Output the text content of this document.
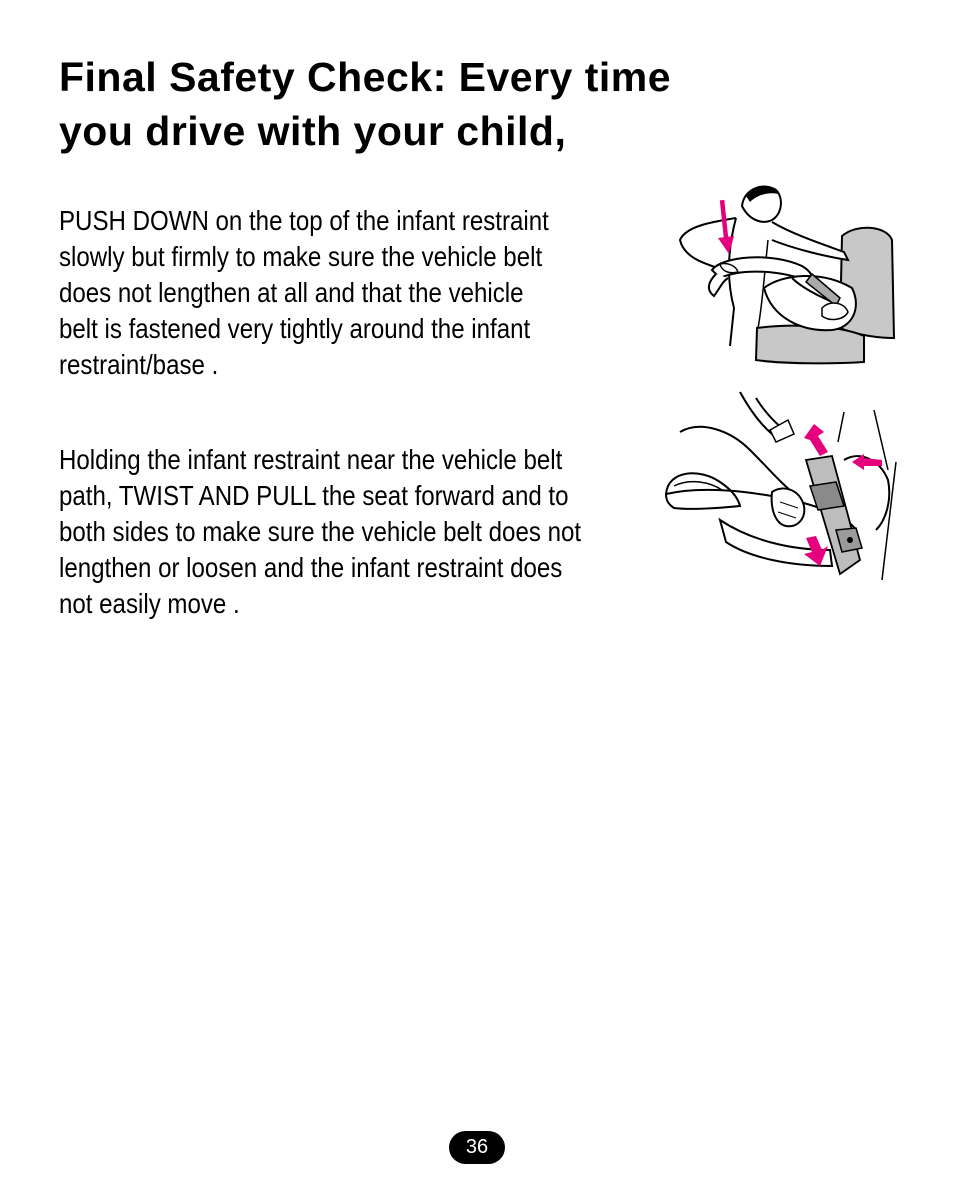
Final Safety Check: Every time
you drive with your child,
PUSH DOWN on the top of the infant restraint
slowly but firmly to make sure the vehicle belt
does not lengthen at all and that the vehicle
belt is fastened very tightly around the infant
restraint/base .
Holding the infant restraint near the vehicle belt
path, TWIST AND PULL the seat forward and to
both sides to make sure the vehicle belt does not
lengthen or loosen and the infant restraint does
not easily move .
36
